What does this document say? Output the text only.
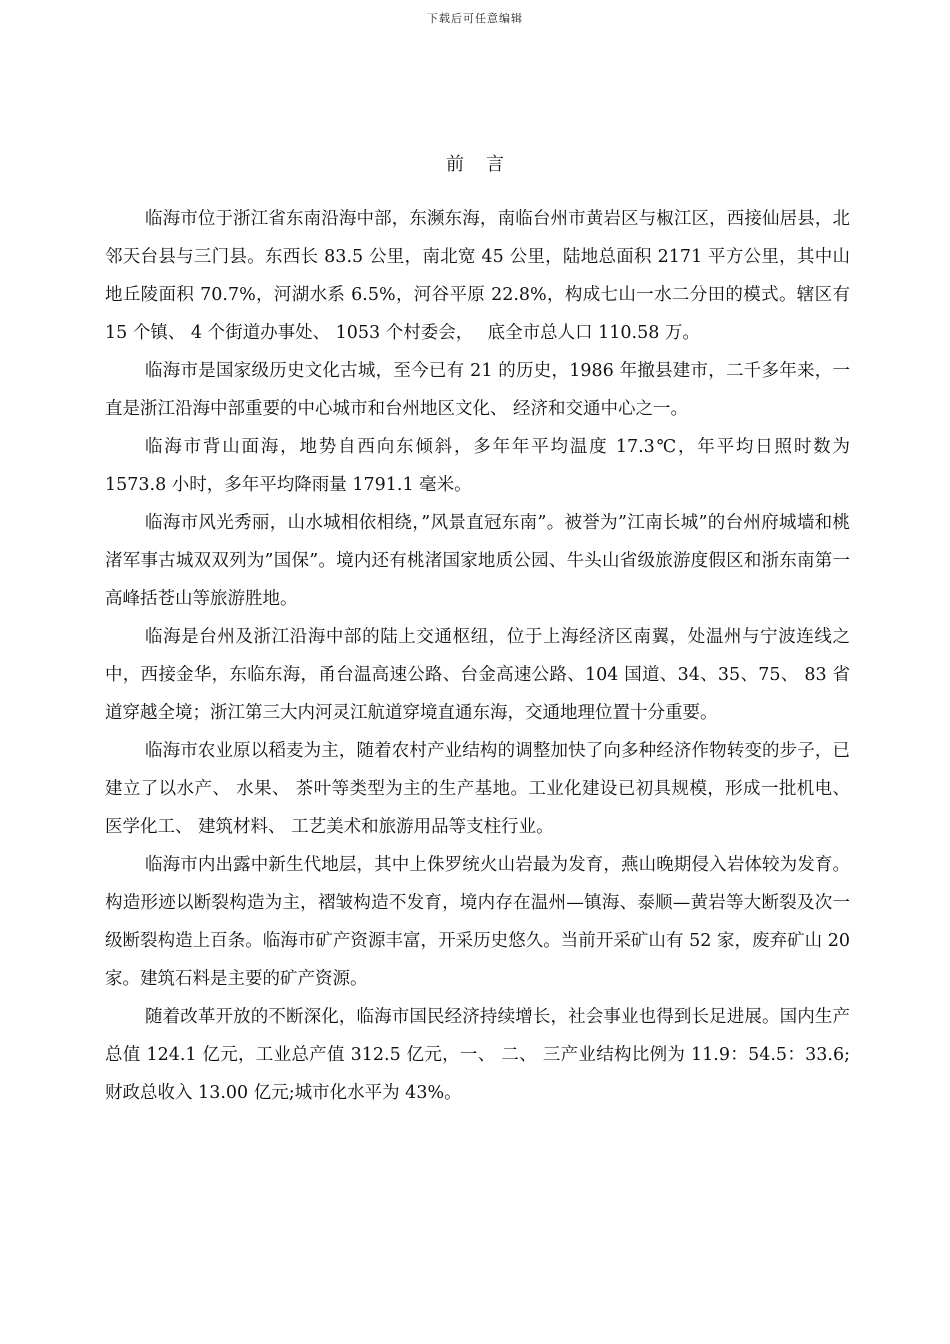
下载后可任意编辑
前言

临海市位于浙江省东南沿海中部，东濒东海，南临台州市黄岩区与椒江区，西接仙居县，北邻天台县与三门县。东西长 83.5 公里，南北宽 45 公里，陆地总面积 2171 平方公里，其中山地丘陵面积 70.7%，河湖水系 6.5%，河谷平原 22.8%，构成七山一水二分田的模式。辖区有 15 个镇、 4 个街道办事处、 1053 个村委会，　 底全市总人口 110.58 万。

临海市是国家级历史文化古城，至今已有 21 的历史，1986 年撤县建市，二千多年来，一直是浙江沿海中部重要的中心城市和台州地区文化、 经济和交通中心之一。

临海市背山面海，地势自西向东倾斜，多年年平均温度 17.3℃，年平均日照时数为 1573.8 小时，多年平均降雨量 1791.1 毫米。

临海市风光秀丽，山水城相依相绕，”风景直冠东南”。被誉为”江南长城”的台州府城墙和桃渚军事古城双双列为”国保”。境内还有桃渚国家地质公园、牛头山省级旅游度假区和浙东南第一高峰括苍山等旅游胜地。

临海是台州及浙江沿海中部的陆上交通枢纽，位于上海经济区南翼，处温州与宁波连线之中，西接金华，东临东海，甬台温高速公路、台金高速公路、104 国道、34、35、75、 83 省道穿越全境；浙江第三大内河灵江航道穿境直通东海，交通地理位置十分重要。

临海市农业原以稻麦为主，随着农村产业结构的调整加快了向多种经济作物转变的步子，已建立了以水产、 水果、 茶叶等类型为主的生产基地。工业化建设已初具规模，形成一批机电、 医学化工、 建筑材料、 工艺美术和旅游用品等支柱行业。

临海市内出露中新生代地层，其中上侏罗统火山岩最为发育，燕山晚期侵入岩体较为发育。构造形迹以断裂构造为主，褶皱构造不发育，境内存在温州—镇海、泰顺—黄岩等大断裂及次一级断裂构造上百条。临海市矿产资源丰富，开采历史悠久。当前开采矿山有 52 家，废弃矿山 20 家。建筑石料是主要的矿产资源。

随着改革开放的不断深化，临海市国民经济持续增长，社会事业也得到长足进展。国内生产总值 124.1 亿元，工业总产值 312.5 亿元，一、 二、 三产业结构比例为 11.9：54.5：33.6;财政总收入 13.00 亿元;城市化水平为 43%。
